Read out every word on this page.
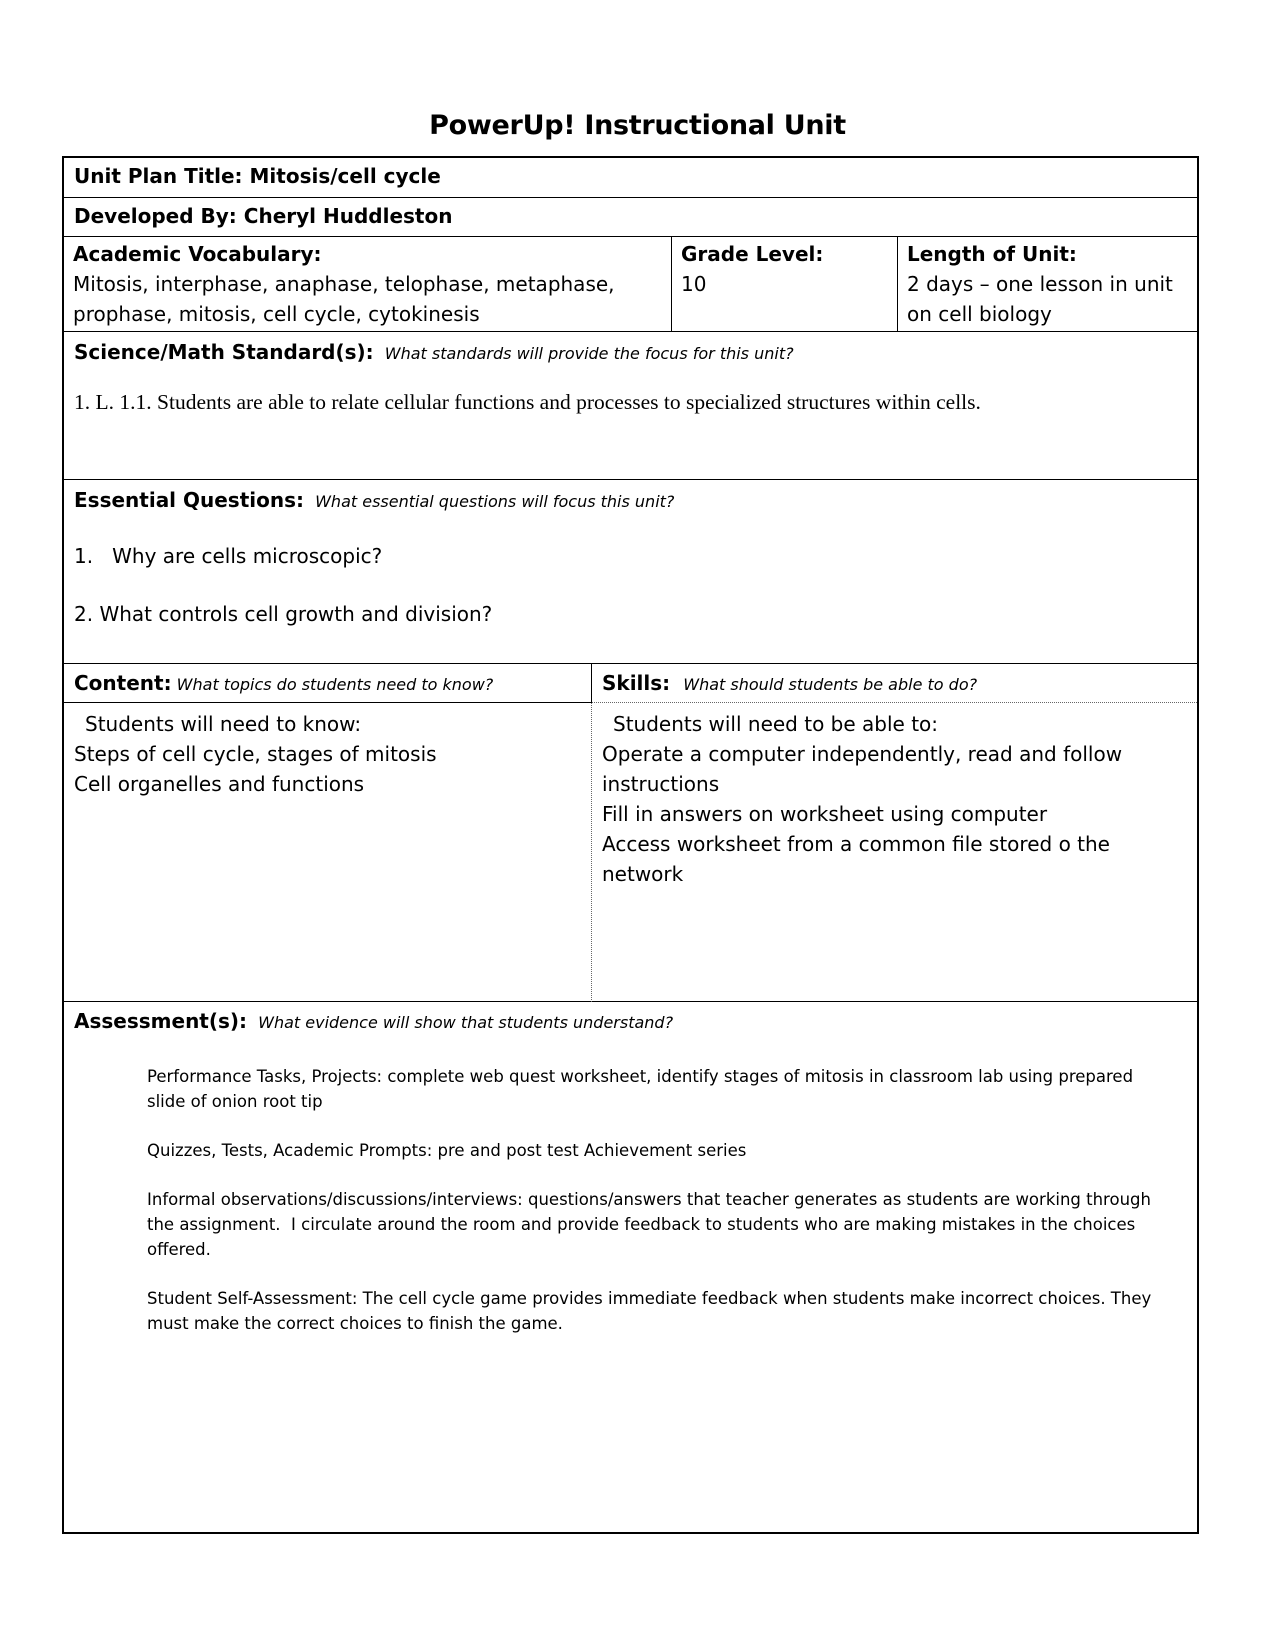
PowerUp! Instructional Unit
Unit Plan Title: Mitosis/cell cycle
Developed By: Cheryl Huddleston
Academic Vocabulary:
Mitosis, interphase, anaphase, telophase, metaphase,
prophase, mitosis, cell cycle, cytokinesis
Grade Level:
10
Length of Unit:
2 days – one lesson in unit
on cell biology
Science/Math Standard(s): What standards will provide the focus for this unit?
1. L. 1.1. Students are able to relate cellular functions and processes to specialized structures within cells.
Essential Questions: What essential questions will focus this unit?
1.   Why are cells microscopic?
2. What controls cell growth and division?
Content: What topics do students need to know?	Skills: What should students be able to do?
Students will need to know:
Steps of cell cycle, stages of mitosis
Cell organelles and functions
Students will need to be able to:
Operate a computer independently, read and follow
instructions
Fill in answers on worksheet using computer
Access worksheet from a common file stored o the
network
Assessment(s): What evidence will show that students understand?

Performance Tasks, Projects: complete web quest worksheet, identify stages of mitosis in classroom lab using prepared

slide of onion root tip

Quizzes, Tests, Academic Prompts: pre and post test Achievement series

Informal observations/discussions/interviews: questions/answers that teacher generates as students are working through

the assignment.  I circulate around the room and provide feedback to students who are making mistakes in the choices

offered.

Student Self-Assessment: The cell cycle game provides immediate feedback when students make incorrect choices. They

must make the correct choices to finish the game.
